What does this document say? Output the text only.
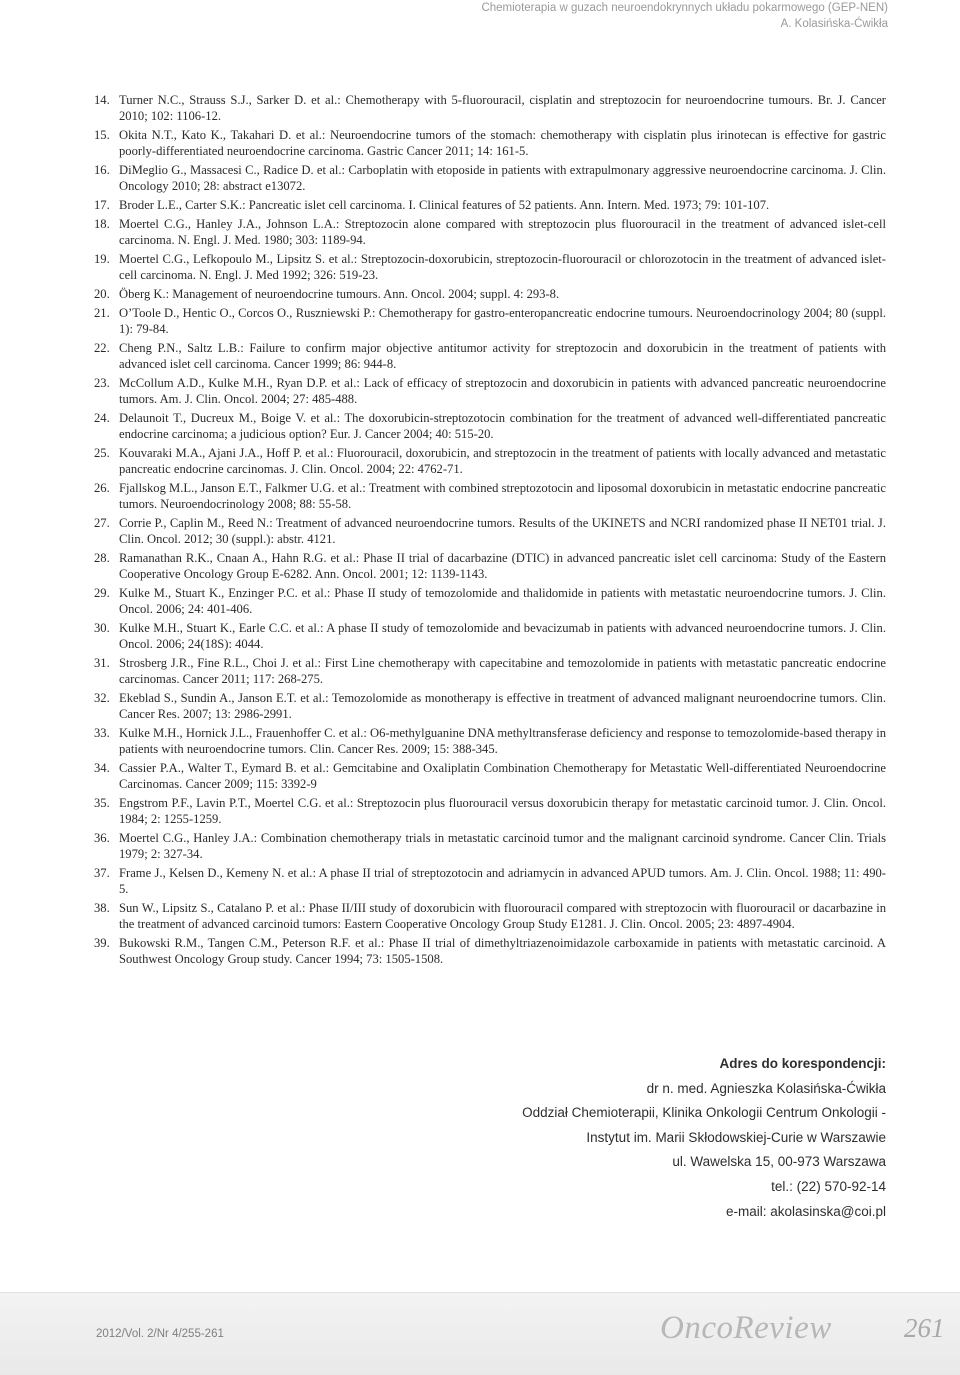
Chemioterapia w guzach neuroendokrynnych układu pokarmowego (GEP-NEN)
A. Kolasińska-Ćwikła
14. Turner N.C., Strauss S.J., Sarker D. et al.: Chemotherapy with 5-fluorouracil, cisplatin and streptozocin for neuroendocrine tumours. Br. J. Cancer 2010; 102: 1106-12.
15. Okita N.T., Kato K., Takahari D. et al.: Neuroendocrine tumors of the stomach: chemotherapy with cisplatin plus irinotecan is effective for gastric poorly-differentiated neuroendocrine carcinoma. Gastric Cancer 2011; 14: 161-5.
16. DiMeglio G., Massacesi C., Radice D. et al.: Carboplatin with etoposide in patients with extrapulmonary aggressive neuroendocrine carcinoma. J. Clin. Oncology 2010; 28: abstract e13072.
17. Broder L.E., Carter S.K.: Pancreatic islet cell carcinoma. I. Clinical features of 52 patients. Ann. Intern. Med. 1973; 79: 101-107.
18. Moertel C.G., Hanley J.A., Johnson L.A.: Streptozocin alone compared with streptozocin plus fluorouracil in the treatment of advanced islet-cell carcinoma. N. Engl. J. Med. 1980; 303: 1189-94.
19. Moertel C.G., Lefkopoulo M., Lipsitz S. et al.: Streptozocin-doxorubicin, streptozocin-fluorouracil or chlorozotocin in the treatment of advanced islet-cell carcinoma. N. Engl. J. Med 1992; 326: 519-23.
20. Öberg K.: Management of neuroendocrine tumours. Ann. Oncol. 2004; suppl. 4: 293-8.
21. O’Toole D., Hentic O., Corcos O., Ruszniewski P.: Chemotherapy for gastro-enteropancreatic endocrine tumours. Neuroendocrinology 2004; 80 (suppl. 1): 79-84.
22. Cheng P.N., Saltz L.B.: Failure to confirm major objective antitumor activity for streptozocin and doxorubicin in the treatment of patients with advanced islet cell carcinoma. Cancer 1999; 86: 944-8.
23. McCollum A.D., Kulke M.H., Ryan D.P. et al.: Lack of efficacy of streptozocin and doxorubicin in patients with advanced pancreatic neuroendocrine tumors. Am. J. Clin. Oncol. 2004; 27: 485-488.
24. Delaunoit T., Ducreux M., Boige V. et al.: The doxorubicin-streptozotocin combination for the treatment of advanced well-differentiated pancreatic endocrine carcinoma; a judicious option? Eur. J. Cancer 2004; 40: 515-20.
25. Kouvaraki M.A., Ajani J.A., Hoff P. et al.: Fluorouracil, doxorubicin, and streptozocin in the treatment of patients with locally advanced and metastatic pancreatic endocrine carcinomas. J. Clin. Oncol. 2004; 22: 4762-71.
26. Fjallskog M.L., Janson E.T., Falkmer U.G. et al.: Treatment with combined streptozotocin and liposomal doxorubicin in metastatic endocrine pancreatic tumors. Neuroendocrinology 2008; 88: 55-58.
27. Corrie P., Caplin M., Reed N.: Treatment of advanced neuroendocrine tumors. Results of the UKINETS and NCRI randomized phase II NET01 trial. J. Clin. Oncol. 2012; 30 (suppl.): abstr. 4121.
28. Ramanathan R.K., Cnaan A., Hahn R.G. et al.: Phase II trial of dacarbazine (DTIC) in advanced pancreatic islet cell carcinoma: Study of the Eastern Cooperative Oncology Group E-6282. Ann. Oncol. 2001; 12: 1139-1143.
29. Kulke M., Stuart K., Enzinger P.C. et al.: Phase II study of temozolomide and thalidomide in patients with metastatic neuroendocrine tumors. J. Clin. Oncol. 2006; 24: 401-406.
30. Kulke M.H., Stuart K., Earle C.C. et al.: A phase II study of temozolomide and bevacizumab in patients with advanced neuroendocrine tumors. J. Clin. Oncol. 2006; 24(18S): 4044.
31. Strosberg J.R., Fine R.L., Choi J. et al.: First Line chemotherapy with capecitabine and temozolomide in patients with metastatic pancreatic endocrine carcinomas. Cancer 2011; 117: 268-275.
32. Ekeblad S., Sundin A., Janson E.T. et al.: Temozolomide as monotherapy is effective in treatment of advanced malignant neuroendocrine tumors. Clin. Cancer Res. 2007; 13: 2986-2991.
33. Kulke M.H., Hornick J.L., Frauenhoffer C. et al.: O6-methylguanine DNA methyltransferase deficiency and response to temozolomide-based therapy in patients with neuroendocrine tumors. Clin. Cancer Res. 2009; 15: 388-345.
34. Cassier P.A., Walter T., Eymard B. et al.: Gemcitabine and Oxaliplatin Combination Chemotherapy for Metastatic Well-differentiated Neuroendocrine Carcinomas. Cancer 2009; 115: 3392-9
35. Engstrom P.F., Lavin P.T., Moertel C.G. et al.: Streptozocin plus fluorouracil versus doxorubicin therapy for metastatic carcinoid tumor. J. Clin. Oncol. 1984; 2: 1255-1259.
36. Moertel C.G., Hanley J.A.: Combination chemotherapy trials in metastatic carcinoid tumor and the malignant carcinoid syndrome. Cancer Clin. Trials 1979; 2: 327-34.
37. Frame J., Kelsen D., Kemeny N. et al.: A phase II trial of streptozotocin and adriamycin in advanced APUD tumors. Am. J. Clin. Oncol. 1988; 11: 490-5.
38. Sun W., Lipsitz S., Catalano P. et al.: Phase II/III study of doxorubicin with fluorouracil compared with streptozocin with fluorouracil or dacarbazine in the treatment of advanced carcinoid tumors: Eastern Cooperative Oncology Group Study E1281. J. Clin. Oncol. 2005; 23: 4897-4904.
39. Bukowski R.M., Tangen C.M., Peterson R.F. et al.: Phase II trial of dimethyltriazenoimidazole carboxamide in patients with metastatic carcinoid. A Southwest Oncology Group study. Cancer 1994; 73: 1505-1508.
Adres do korespondencji:
dr n. med. Agnieszka Kolasińska-Ćwikła
Oddział Chemioterapii, Klinika Onkologii Centrum Onkologii -
Instytut im. Marii Skłodowskiej-Curie w Warszawie
ul. Wawelska 15, 00-973 Warszawa
tel.: (22) 570-92-14
e-mail: akolasinska@coi.pl
2012/Vol. 2/Nr 4/255-261	OncoReview	261
